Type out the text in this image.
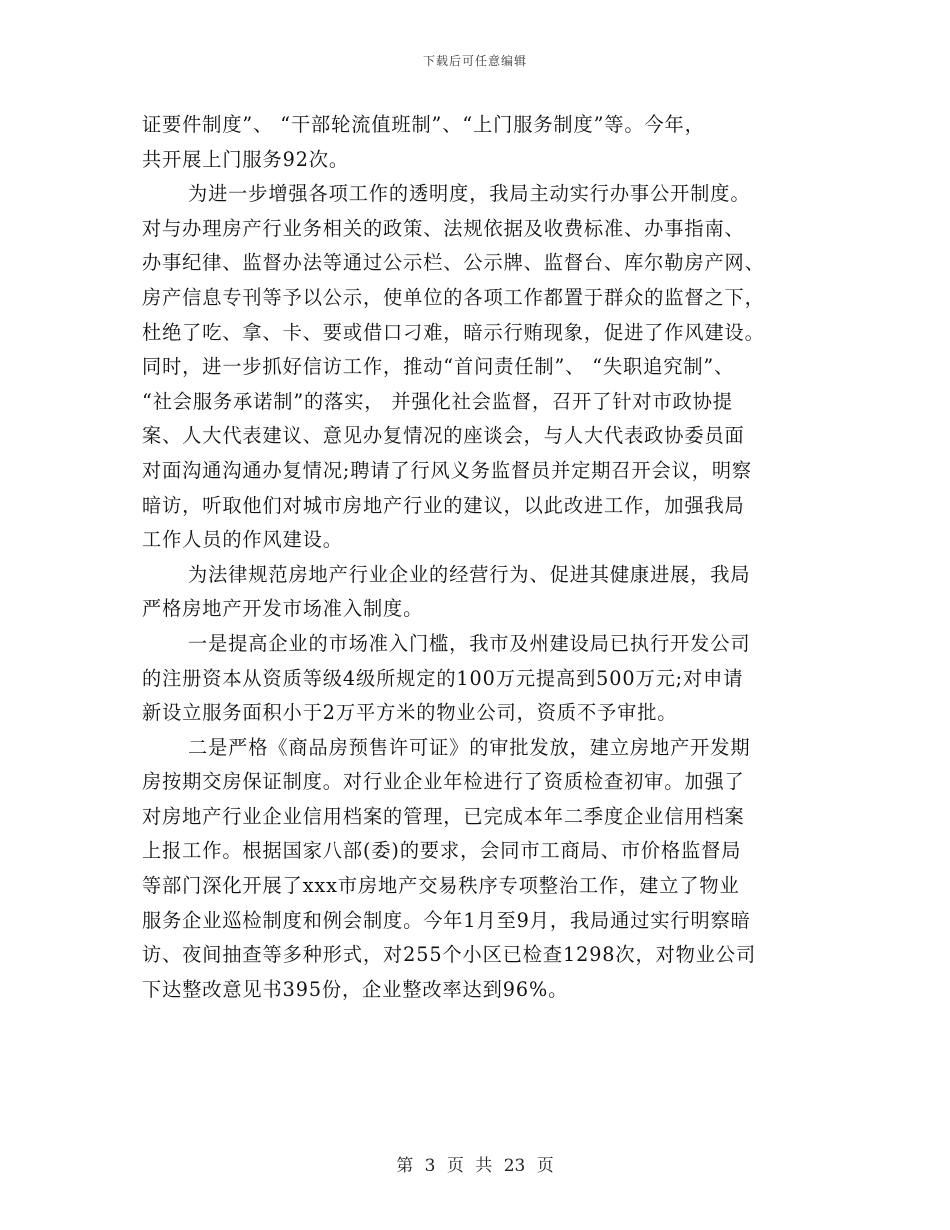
下载后可任意编辑
证要件制度”、 “干部轮流值班制”、“上门服务制度”等。今年，
共开展上门服务92次。
为进一步增强各项工作的透明度，我局主动实行办事公开制度。
对与办理房产行业务相关的政策、法规依据及收费标准、办事指南、
办事纪律、监督办法等通过公示栏、公示牌、监督台、库尔勒房产网、
房产信息专刊等予以公示，使单位的各项工作都置于群众的监督之下，
杜绝了吃、拿、卡、要或借口刁难，暗示行贿现象，促进了作风建设。
同时，进一步抓好信访工作，推动“首问责任制”、 “失职追究制”、
“社会服务承诺制”的落实， 并强化社会监督，召开了针对市政协提
案、人大代表建议、意见办复情况的座谈会，与人大代表政协委员面
对面沟通沟通办复情况;聘请了行风义务监督员并定期召开会议，明察
暗访，听取他们对城市房地产行业的建议，以此改进工作，加强我局
工作人员的作风建设。
为法律规范房地产行业企业的经营行为、促进其健康进展，我局
严格房地产开发市场准入制度。
一是提高企业的市场准入门槛，我市及州建设局已执行开发公司
的注册资本从资质等级4级所规定的100万元提高到500万元;对申请
新设立服务面积小于2万平方米的物业公司，资质不予审批。
二是严格《商品房预售许可证》的审批发放，建立房地产开发期
房按期交房保证制度。对行业企业年检进行了资质检查初审。加强了
对房地产行业企业信用档案的管理，已完成本年二季度企业信用档案
上报工作。根据国家八部(委)的要求，会同市工商局、市价格监督局
等部门深化开展了xxx市房地产交易秩序专项整治工作，建立了物业
服务企业巡检制度和例会制度。今年1月至9月，我局通过实行明察暗
访、夜间抽查等多种形式，对255个小区已检查1298次，对物业公司
下达整改意见书395份，企业整改率达到96%。
第 3 页 共 23 页
